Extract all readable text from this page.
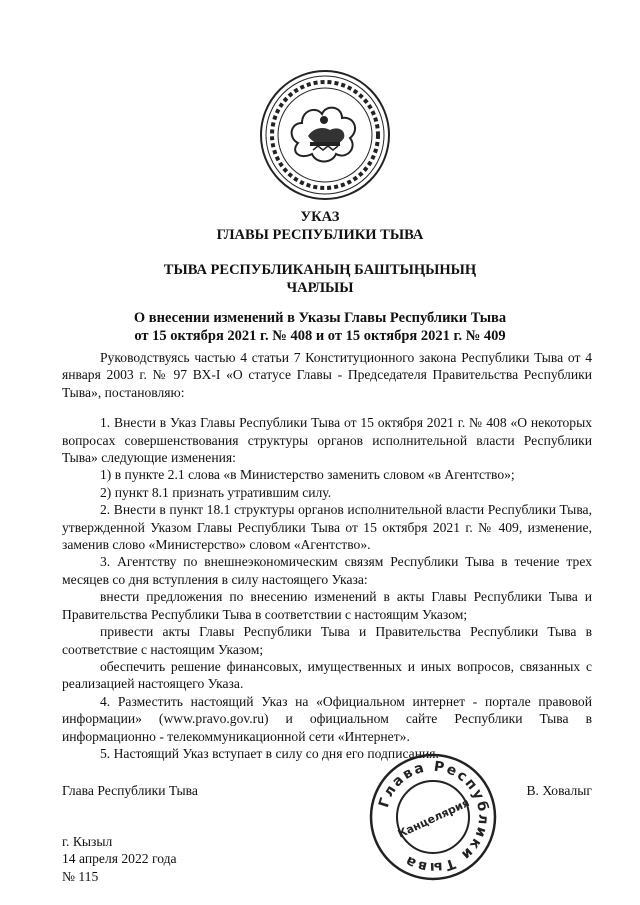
УКАЗ
ГЛАВЫ РЕСПУБЛИКИ ТЫВА
ТЫВА РЕСПУБЛИКАНЫҢ БАШТЫҢЫНЫҢ
ЧАРЛЫЫ
О внесении изменений в Указы Главы Республики Тыва
от 15 октября 2021 г. № 408 и от 15 октября 2021 г. № 409

Руководствуясь частью 4 статьи 7 Конституционного закона Республики Тыва от 4 января 2003 г. № 97 ВХ-I «О статусе Главы - Председателя Правительства Республики Тыва», постановляю:

1. Внести в Указ Главы Республики Тыва от 15 октября 2021 г. № 408 «О некоторых вопросах совершенствования структуры органов исполнительной власти Республики Тыва» следующие изменения:

1) в пункте 2.1 слова «в Министерство заменить словом «в Агентство»;

2) пункт 8.1 признать утратившим силу.

2. Внести в пункт 18.1 структуры органов исполнительной власти Республики Тыва, утвержденной Указом Главы Республики Тыва от 15 октября 2021 г. № 409, изменение, заменив слово «Министерство» словом «Агентство».

3. Агентству по внешнеэкономическим связям Республики Тыва в течение трех месяцев со дня вступления в силу настоящего Указа:

внести предложения по внесению изменений в акты Главы Республики Тыва и Правительства Республики Тыва в соответствии с настоящим Указом;

привести акты Главы Республики Тыва и Правительства Республики Тыва в соответствие с настоящим Указом;

обеспечить решение финансовых, имущественных и иных вопросов, связанных с реализацией настоящего Указа.

4. Разместить настоящий Указ на «Официальном интернет - портале правовой информации» (www.pravo.gov.ru) и официальном сайте Республики Тыва в информационно - телекоммуникационной сети «Интернет».

5. Настоящий Указ вступает в силу со дня его подписания.

Глава Республики Тыва	В. Ховалыг
Глава Республики Тыва
Канцелярия
г. Кызыл
14 апреля 2022 года
№ 115
